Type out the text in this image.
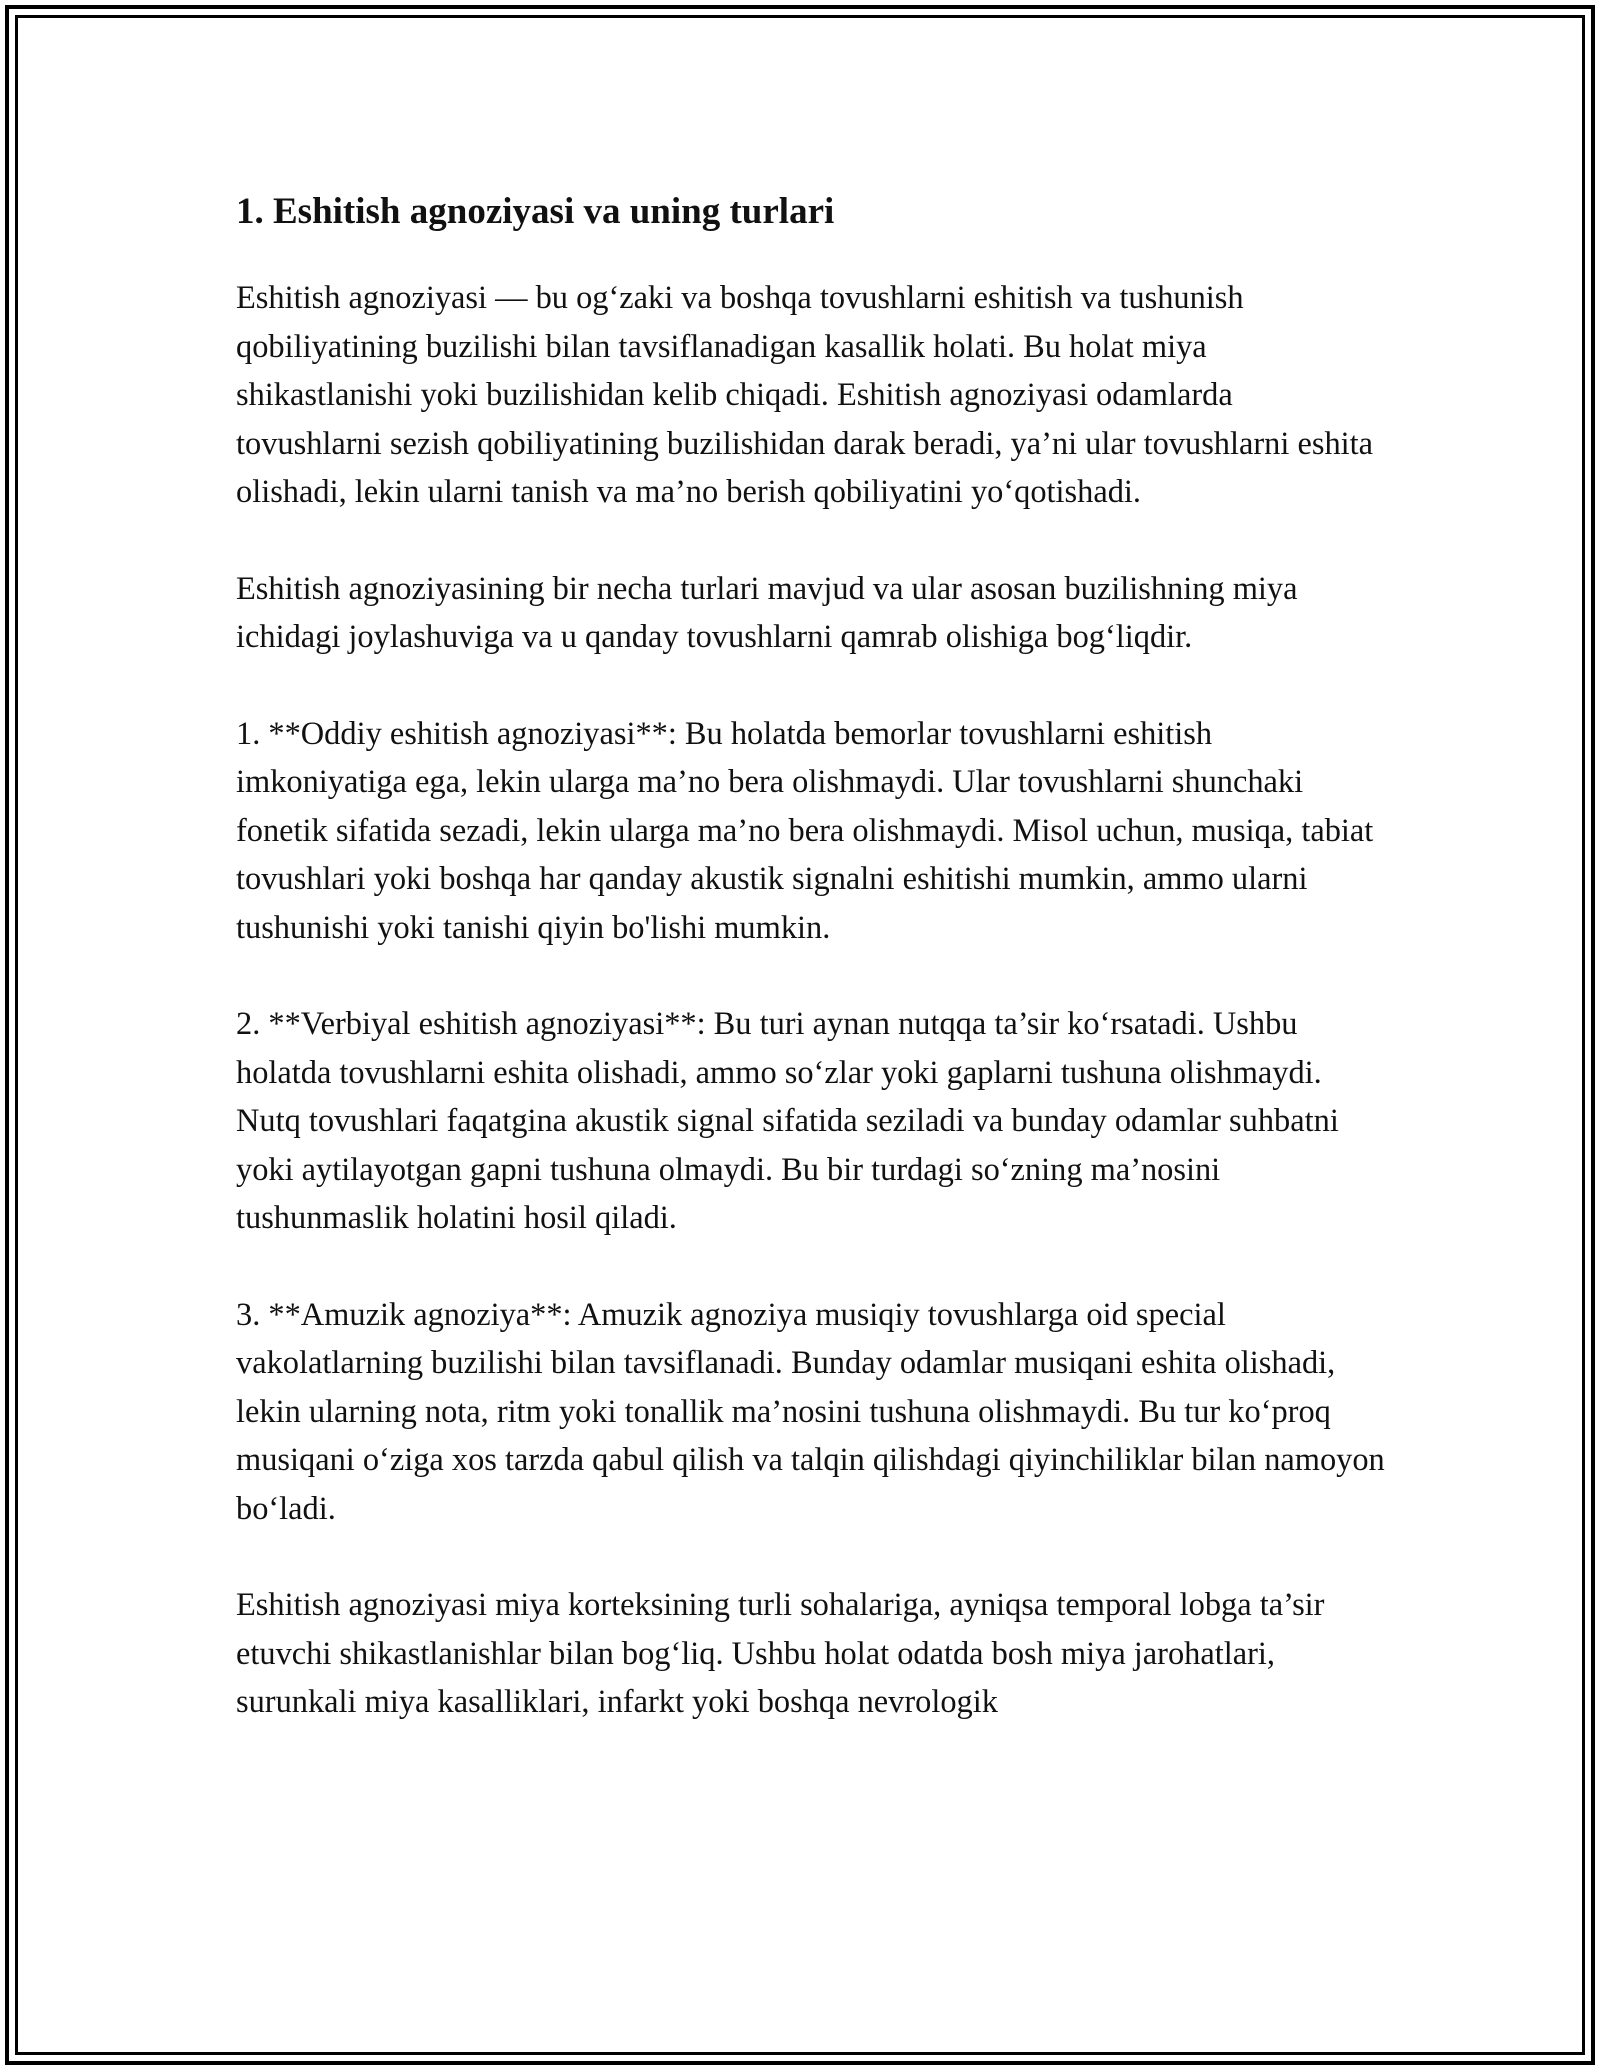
1. Eshitish agnoziyasi va uning turlari

Eshitish agnoziyasi — bu og‘zaki va boshqa tovushlarni eshitish va tushunish qobiliyatining buzilishi bilan tavsiflanadigan kasallik holati. Bu holat miya shikastlanishi yoki buzilishidan kelib chiqadi. Eshitish agnoziyasi odamlarda tovushlarni sezish qobiliyatining buzilishidan darak beradi, ya’ni ular tovushlarni eshita olishadi, lekin ularni tanish va ma’no berish qobiliyatini yo‘qotishadi.

Eshitish agnoziyasining bir necha turlari mavjud va ular asosan buzilishning miya ichidagi joylashuviga va u qanday tovushlarni qamrab olishiga bog‘liqdir.

1. **Oddiy eshitish agnoziyasi**: Bu holatda bemorlar tovushlarni eshitish imkoniyatiga ega, lekin ularga ma’no bera olishmaydi. Ular tovushlarni shunchaki fonetik sifatida sezadi, lekin ularga ma’no bera olishmaydi. Misol uchun, musiqa, tabiat tovushlari yoki boshqa har qanday akustik signalni eshitishi mumkin, ammo ularni tushunishi yoki tanishi qiyin bo'lishi mumkin.

2. **Verbiyal eshitish agnoziyasi**: Bu turi aynan nutqqa ta’sir ko‘rsatadi. Ushbu holatda tovushlarni eshita olishadi, ammo so‘zlar yoki gaplarni tushuna olishmaydi. Nutq tovushlari faqatgina akustik signal sifatida seziladi va bunday odamlar suhbatni yoki aytilayotgan gapni tushuna olmaydi. Bu bir turdagi so‘zning ma’nosini tushunmaslik holatini hosil qiladi.

3. **Amuzik agnoziya**: Amuzik agnoziya musiqiy tovushlarga oid special vakolatlarning buzilishi bilan tavsiflanadi. Bunday odamlar musiqani eshita olishadi, lekin ularning nota, ritm yoki tonallik ma’nosini tushuna olishmaydi. Bu tur ko‘proq musiqani o‘ziga xos tarzda qabul qilish va talqin qilishdagi qiyinchiliklar bilan namoyon bo‘ladi.

Eshitish agnoziyasi miya korteksining turli sohalariga, ayniqsa temporal lobga ta’sir etuvchi shikastlanishlar bilan bog‘liq. Ushbu holat odatda bosh miya jarohatlari, surunkali miya kasalliklari, infarkt yoki boshqa nevrologik
